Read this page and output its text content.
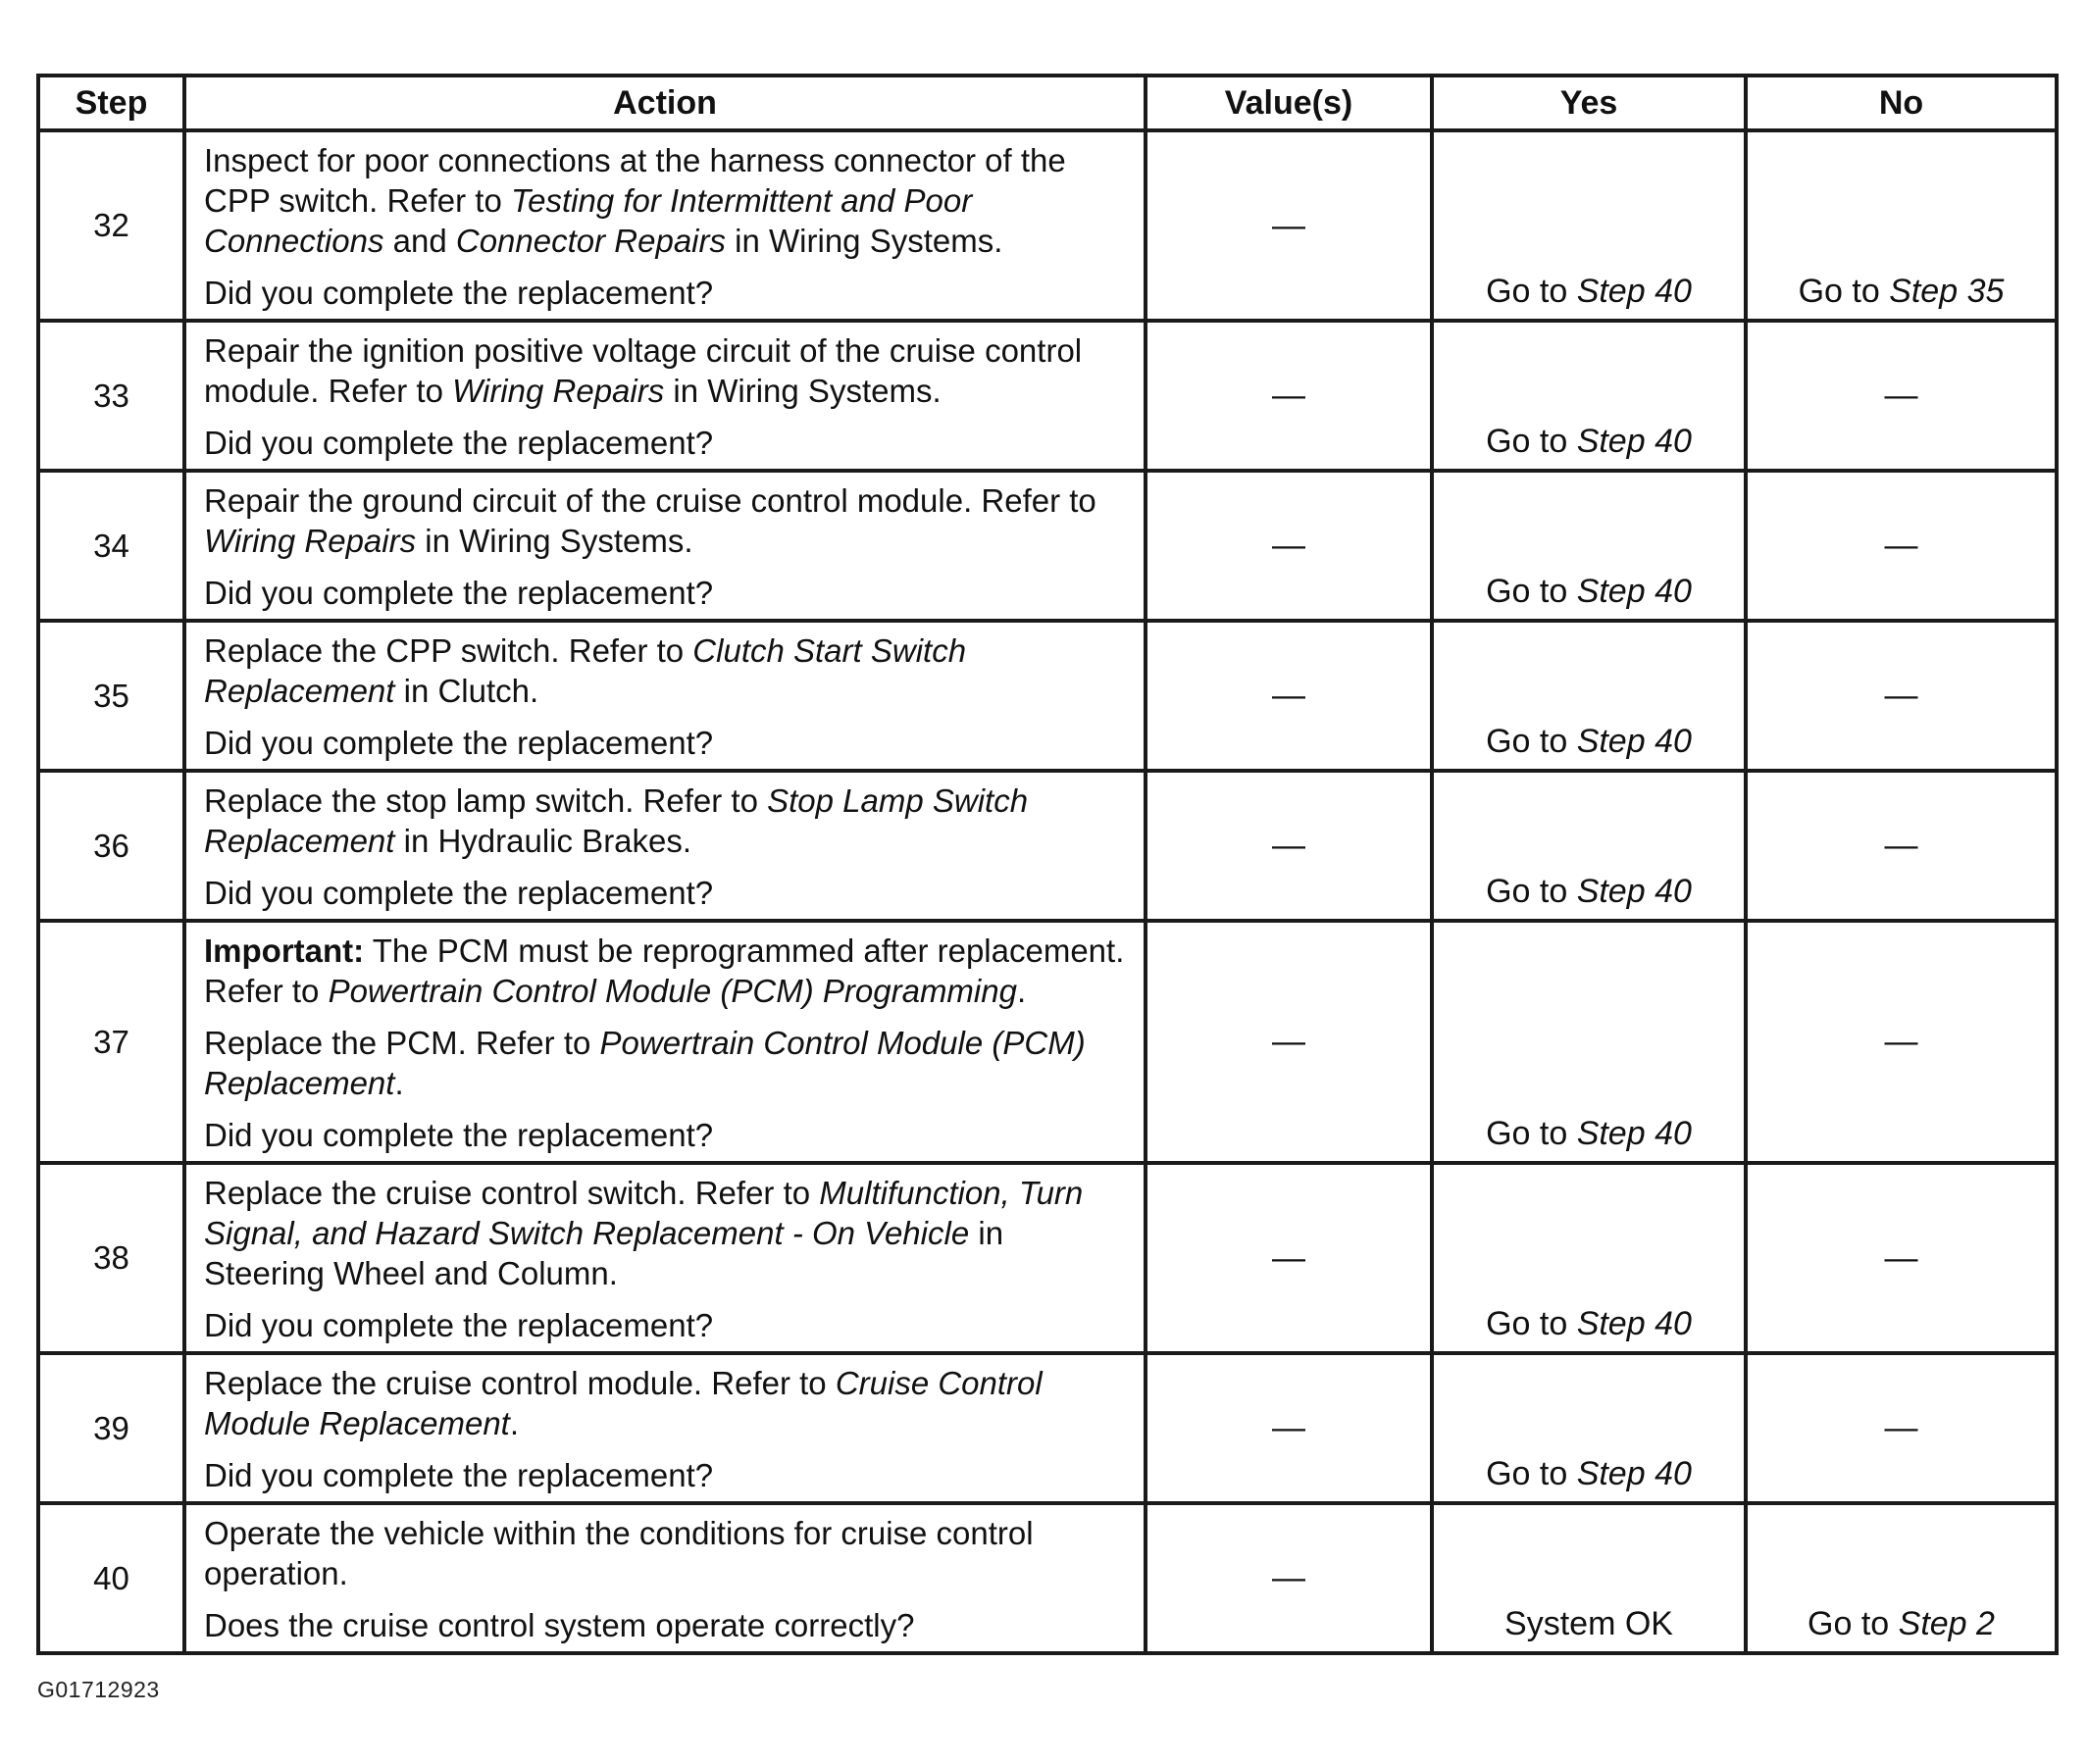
Step	Action	Value(s)	Yes	No
32	Inspect for poor connections at the harness connector of the CPP switch. Refer to Testing for Intermittent and Poor Connections and Connector Repairs in Wiring Systems.

Did you complete the replacement?	—	Go to Step 40	Go to Step 35
33	Repair the ignition positive voltage circuit of the cruise control module. Refer to Wiring Repairs in Wiring Systems.

Did you complete the replacement?	—	Go to Step 40	—
34	Repair the ground circuit of the cruise control module. Refer to Wiring Repairs in Wiring Systems.

Did you complete the replacement?	—	Go to Step 40	—
35	Replace the CPP switch. Refer to Clutch Start Switch Replacement in Clutch.

Did you complete the replacement?	—	Go to Step 40	—
36	Replace the stop lamp switch. Refer to Stop Lamp Switch Replacement in Hydraulic Brakes.

Did you complete the replacement?	—	Go to Step 40	—
37	Important: The PCM must be reprogrammed after replacement. Refer to Powertrain Control Module (PCM) Programming.

Replace the PCM. Refer to Powertrain Control Module (PCM) Replacement.

Did you complete the replacement?	—	Go to Step 40	—
38	Replace the cruise control switch. Refer to Multifunction, Turn Signal, and Hazard Switch Replacement - On Vehicle in Steering Wheel and Column.

Did you complete the replacement?	—	Go to Step 40	—
39	Replace the cruise control module. Refer to Cruise Control Module Replacement.

Did you complete the replacement?	—	Go to Step 40	—
40	Operate the vehicle within the conditions for cruise control operation.

Does the cruise control system operate correctly?	—	System OK	Go to Step 2
G01712923
